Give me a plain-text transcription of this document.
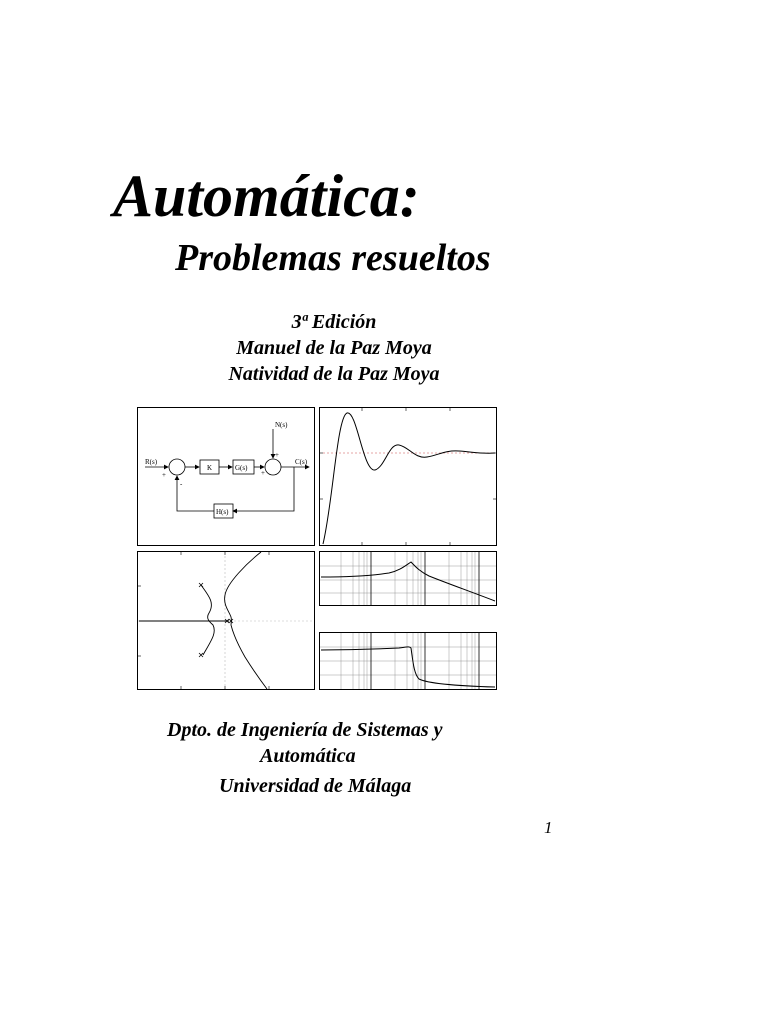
Automática:
Problemas resueltos

3ª Edición

Manuel de la Paz Moya

Natividad de la Paz Moya

R(s)	C(s)
N(s)
K	G(s)
H(s)
+
-
+
+

Dpto. de Ingeniería de Sistemas y

Automática

Universidad de Málaga

1
